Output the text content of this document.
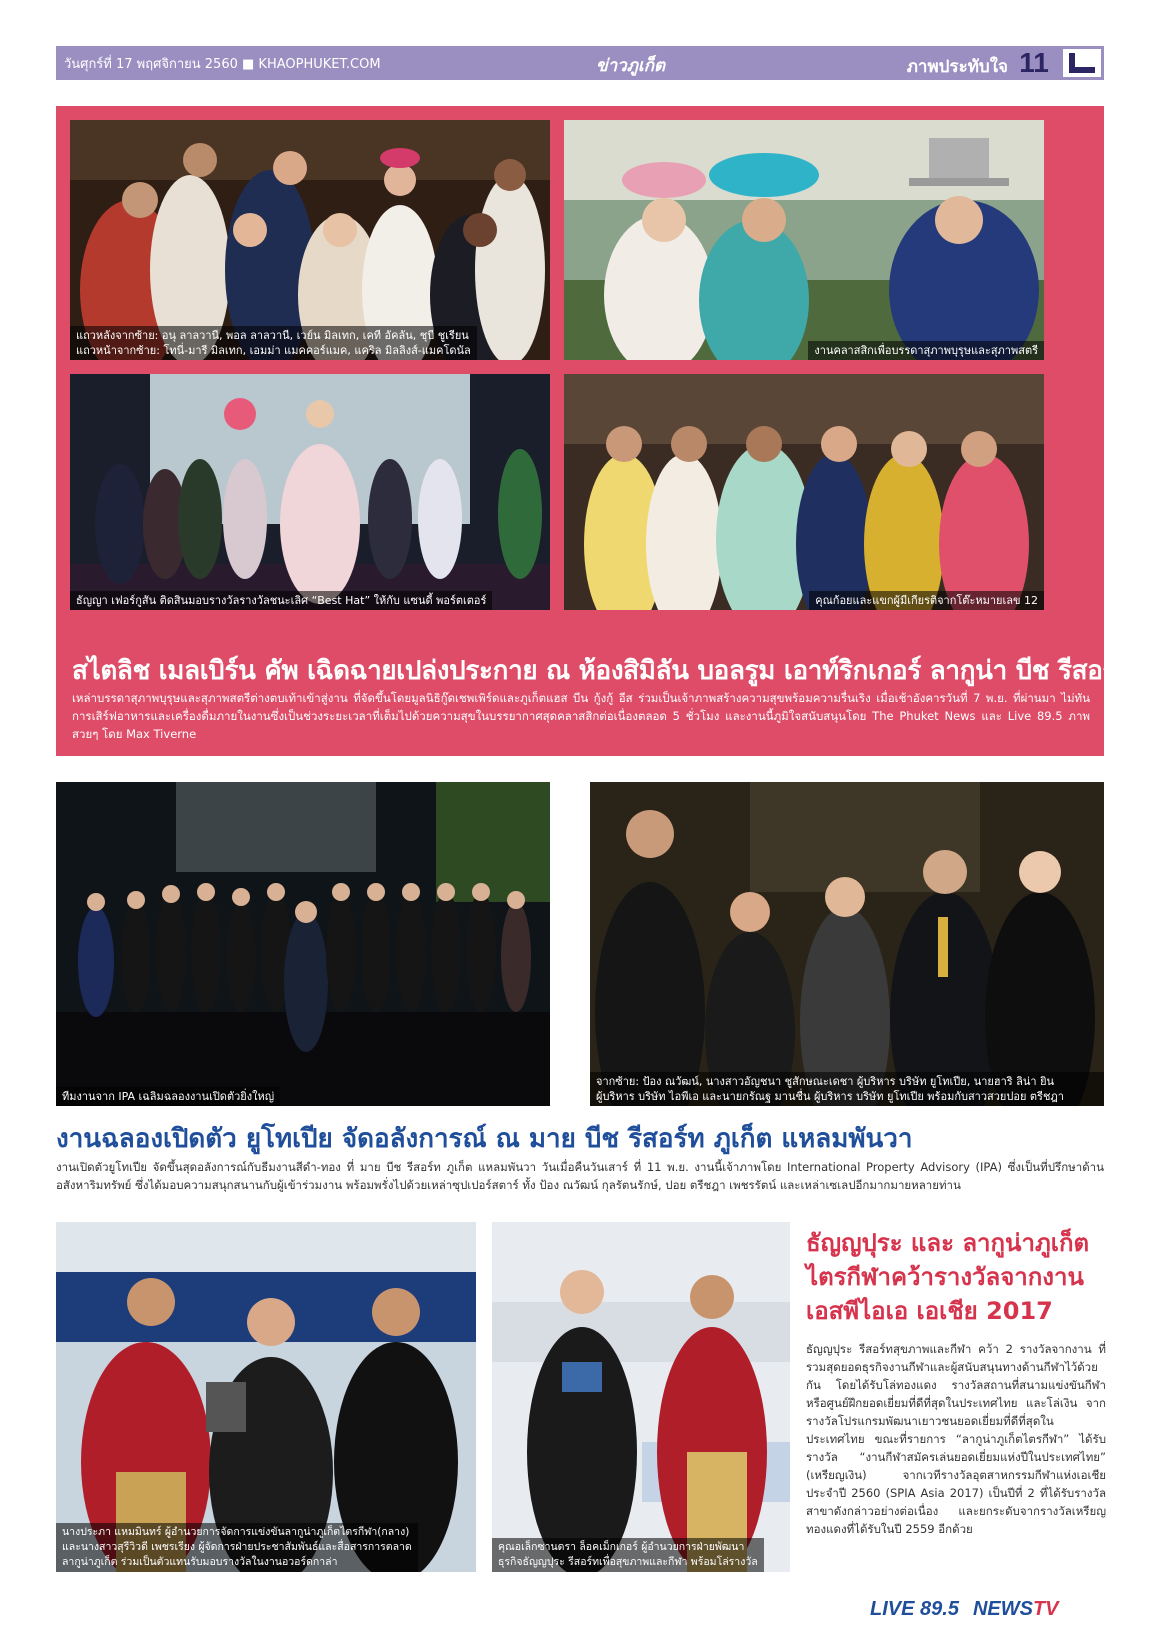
วันศุกร์ที่ 17 พฤศจิกายน 2560 ■ KHAOPHUKET.COM	ข่าวภูเก็ต	ภาพประทับใจ 11
แถวหลังจากซ้าย: อนุ ลาลวานี, พอล ลาลวานี, เวย์น มิลเทก, เคที อัคลัน, ชุบี ชูเรียน
แถวหน้าจากซ้าย: โทนี่-มารี มิลเทก, เอมม่า แมคคอร์แมค, แคริล มิลลิงส์-แมคโดนัล	งานคลาสสิกเพื่อบรรดาสุภาพบุรุษและสุภาพสตรี
ธัญญา เฟอร์กูสัน ติดสินมอบรางวัลรางวัลชนะเลิศ “Best Hat” ให้กับ แซนดี้ พอร์ตเตอร์	คุณก้อยและแขกผู้มีเกียรติจากโต๊ะหมายเลข 12
สไตลิช เมลเบิร์น คัพ เฉิดฉายเปล่งประกาย ณ ห้องสิมิลัน บอลรูม เอาท์ริกเกอร์ ลากูน่า บีช รีสอร์ท
เหล่าบรรดาสุภาพบุรุษและสุภาพสตรีต่างตบเท้าเข้าสู่งาน ที่จัดขึ้นโดยมูลนิธิกู๊ดเชพเพิร์ดและภูเก็ตแฮส บีน กู้งกู้ อีส ร่วมเป็นเจ้าภาพสร้างความสุขพร้อมความรื่นเริง เมื่อเช้าอังคารวันที่ 7 พ.ย. ที่ผ่านมา ไม่ทันการเสิร์ฟอาหารและเครื่องดื่มภายในงานซึ่งเป็นช่วงระยะเวลาที่เต็มไปด้วยความสุขในบรรยากาศสุดคลาสสิกต่อเนื่องตลอด 5 ชั่วโมง และงานนี้ภูมิใจสนับสนุนโดย The Phuket News และ Live 89.5 ภาพสวยๆ โดย Max Tiverne
ทีมงานจาก IPA เฉลิมฉลองงานเปิดตัวยิ่งใหญ่
จากซ้าย: ป้อง ณวัฒน์, นางสาวอัญชนา ชูสักษณะเดชา ผู้บริหาร บริษัท ยูโทเปีย, นายฮาริ ลิน่า ยิน
ผู้บริหาร บริษัท ไอพีเอ และนายกรัณฐ มานชื่น ผู้บริหาร บริษัท ยูโทเปีย พร้อมกับสาวสวยปอย ตรีชฎา
งานฉลองเปิดตัว ยูโทเปีย จัดอลังการณ์ ณ มาย บีช รีสอร์ท ภูเก็ต แหลมพันวา
งานเปิดตัวยูโทเปีย จัดขึ้นสุดอลังการณ์กับธีมงานสีดำ-ทอง ที่ มาย บีช รีสอร์ท ภูเก็ต แหลมพันวา วันเมื่อคืนวันเสาร์ ที่ 11 พ.ย. งานนี้เจ้าภาพโดย International Property Advisory (IPA) ซึ่งเป็นที่ปรึกษาด้านอสังหาริมทรัพย์ ซึ่งได้มอบความสนุกสนานกับผู้เข้าร่วมงาน พร้อมพรั่งไปด้วยเหล่าซุปเปอร์สตาร์ ทั้ง ป้อง ณวัฒน์ กุลรัตนรักษ์, ปอย ตรีชฎา เพชรรัตน์ และเหล่าเซเลปอีกมากมายหลายท่าน
นางประภา แหมมินทร์ ผู้อำนวยการจัดการแข่งขันลากูน่าภูเก็ตไตรกีฬา(กลาง)
และนางสาวสุรีวิวดี เพชรเรียง ผู้จัดการฝ่ายประชาสัมพันธ์และสื่อสารการตลาด
ลากูน่าภูเก็ต ร่วมเป็นตัวแทนรับมอบรางวัลในงานอวอร์ดกาล่า
คุณอเล็กซานดรา ล็อคเม็กเกอร์ ผู้อำนวยการฝ่ายพัฒนา
ธุรกิจธัญญปุระ รีสอร์ทเพื่อสุขภาพและกีฬา พร้อมโล่รางวัล
ธัญญปุระ และ ลากูน่าภูเก็ต ไตรกีฬาคว้ารางวัลจากงาน เอสพีไอเอ เอเชีย 2017
ธัญญปุระ รีสอร์ทสุขภาพและกีฬา คว้า 2 รางวัลจากงาน ที่รวมสุดยอดธุรกิจงานกีฬาและผู้สนับสนุนทางด้านกีฬาไว้ด้วยกัน โดยได้รับโล่ทองแดง รางวัลสถานที่สนามแข่งขันกีฬา หรือศูนย์ฝึกยอดเยี่ยมที่ดีที่สุดในประเทศไทย และโล่เงิน จากรางวัลโปรแกรมพัฒนาเยาวชนยอดเยี่ยมที่ดีที่สุดในประเทศไทย ขณะที่รายการ “ลากูน่าภูเก็ตไตรกีฬา” ได้รับรางวัล “งานกีฬาสมัครเล่นยอดเยี่ยมแห่งปีในประเทศไทย” (เหรียญเงิน) จากเวทีรางวัลอุตสาหกรรมกีฬาแห่งเอเชีย ประจำปี 2560 (SPIA Asia 2017) เป็นปีที่ 2 ที่ได้รับรางวัลสาขาดังกล่าวอย่างต่อเนื่อง และยกระดับจากรางวัลเหรียญทองแดงที่ได้รับในปี 2559 อีกด้วย
LIVE 89.5 NEWSTV
